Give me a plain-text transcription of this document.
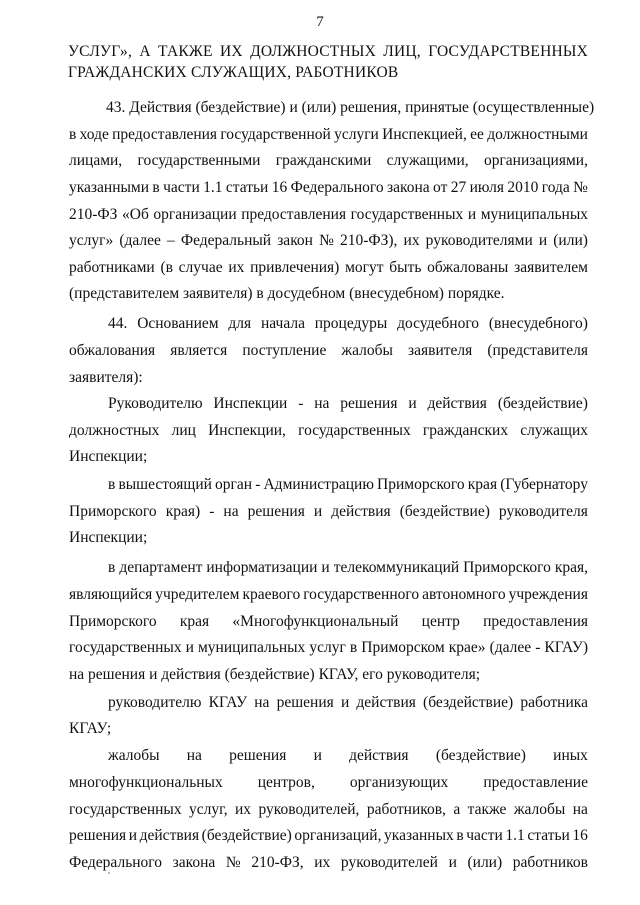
7
УСЛУГ», А ТАКЖЕ ИХ ДОЛЖНОСТНЫХ ЛИЦ, ГОСУДАРСТВЕННЫХ ГРАЖДАНСКИХ СЛУЖАЩИХ, РАБОТНИКОВ
43. Действия (бездействие) и (или) решения, принятые (осуществленные)
в ходе предоставления государственной услуги Инспекцией, ее должностными
лицами, государственными гражданскими служащими, организациями,
указанными в части 1.1 статьи 16 Федерального закона от 27 июля 2010 года №
210-ФЗ «Об организации предоставления государственных и муниципальных
услуг» (далее – Федеральный закон № 210-ФЗ), их руководителями и (или)
работниками (в случае их привлечения) могут быть обжалованы заявителем
(представителем заявителя) в досудебном (внесудебном) порядке.
44. Основанием для начала процедуры досудебного (внесудебного)
обжалования является поступление жалобы заявителя (представителя
заявителя):
Руководителю Инспекции - на решения и действия (бездействие)
должностных лиц Инспекции, государственных гражданских служащих
Инспекции;
в вышестоящий орган - Администрацию Приморского края (Губернатору
Приморского края) - на решения и действия (бездействие) руководителя
Инспекции;
в департамент информатизации и телекоммуникаций Приморского края,
являющийся учредителем краевого государственного автономного учреждения
Приморского края «Многофункциональный центр предоставления
государственных и муниципальных услуг в Приморском крае» (далее - КГАУ)
на решения и действия (бездействие) КГАУ, его руководителя;
руководителю КГАУ на решения и действия (бездействие) работника
КГАУ;
жалобы на решения и действия (бездействие) иных
многофункциональных центров, организующих предоставление
государственных услуг, их руководителей, работников, а также жалобы на
решения и действия (бездействие) организаций, указанных в части 1.1 статьи 16
Федерального закона № 210-ФЗ, их руководителей и (или) работников
